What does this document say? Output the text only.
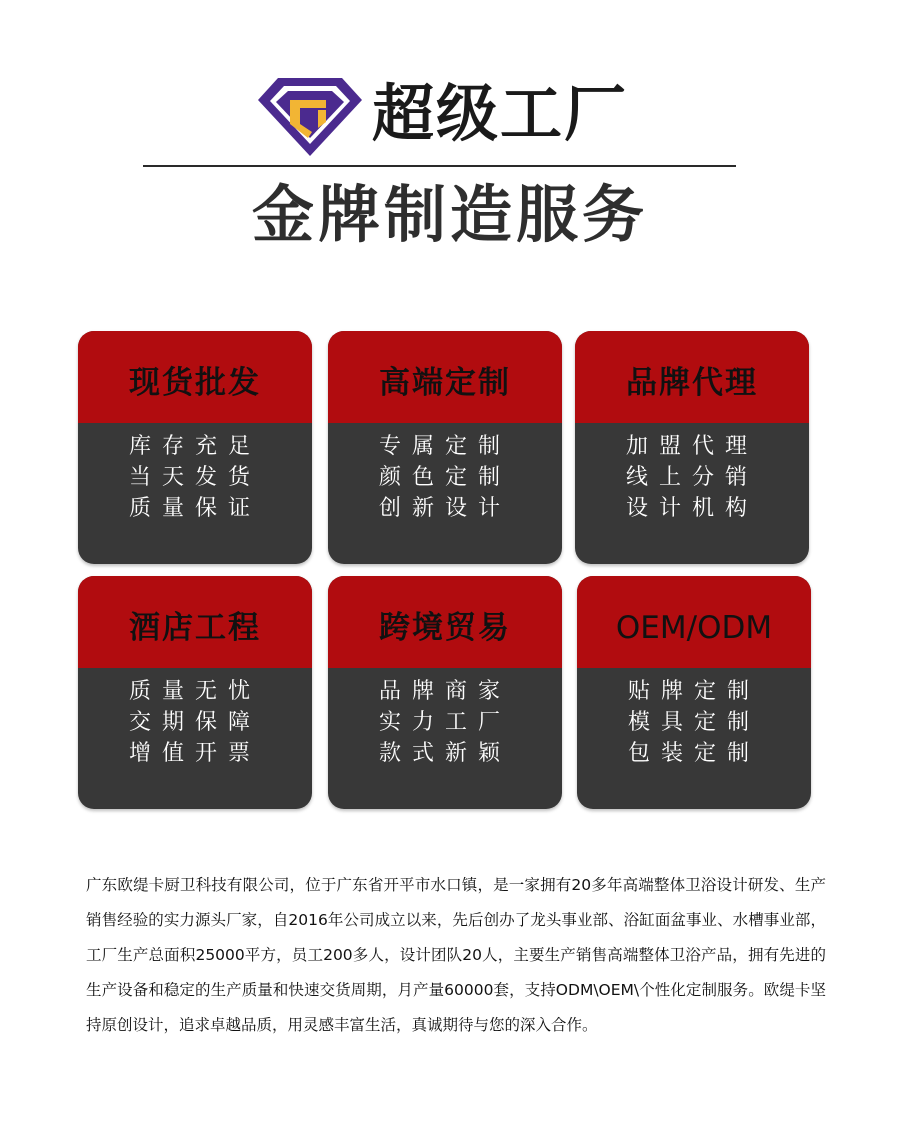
超级工厂
金牌制造服务
现货批发
库存充足
当天发货
质量保证
高端定制
专属定制
颜色定制
创新设计
品牌代理
加盟代理
线上分销
设计机构
酒店工程
质量无忧
交期保障
增值开票
跨境贸易
品牌商家
实力工厂
款式新颖
OEM/ODM
贴牌定制
模具定制
包装定制

广东欧缇卡厨卫科技有限公司，位于广东省开平市水口镇，是一家拥有20多年高端整体卫浴设计研发、生产销售经验的实力源头厂家，自2016年公司成立以来，先后创办了龙头事业部、浴缸面盆事业、水槽事业部，工厂生产总面积25000平方，员工200多人，设计团队20人，主要生产销售高端整体卫浴产品，拥有先进的生产设备和稳定的生产质量和快速交货周期，月产量60000套，支持ODM\OEM\个性化定制服务。欧缇卡坚持原创设计，追求卓越品质，用灵感丰富生活，真诚期待与您的深入合作。
